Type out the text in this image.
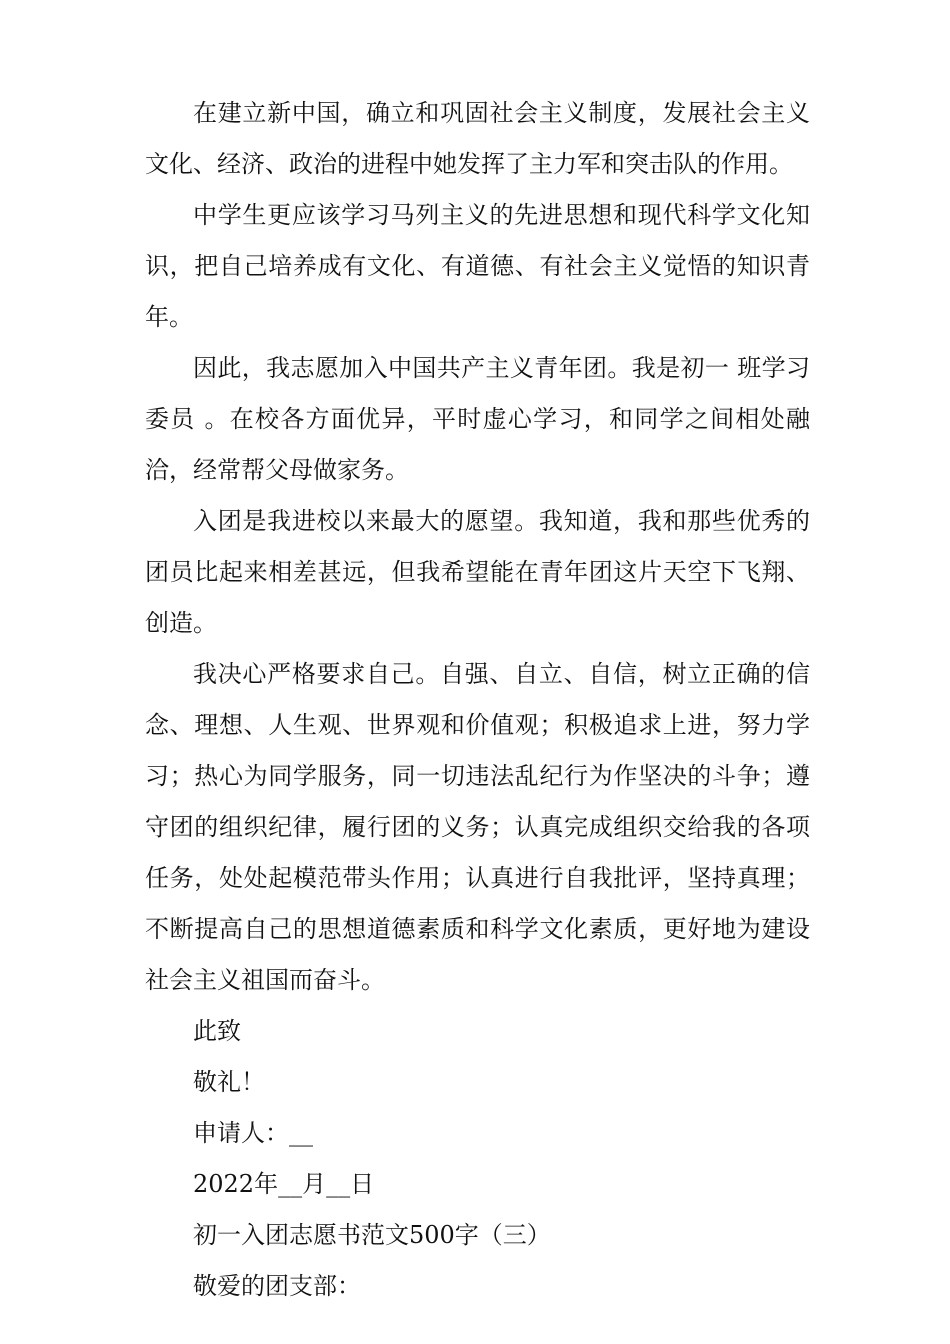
在建立新中国，确立和巩固社会主义制度，发展社会主义文化、经济、政治的进程中她发挥了主力军和突击队的作用。

中学生更应该学习马列主义的先进思想和现代科学文化知识，把自己培养成有文化、有道德、有社会主义觉悟的知识青年。

因此，我志愿加入中国共产主义青年团。我是初一 班学习委员 。在校各方面优异，平时虚心学习，和同学之间相处融洽，经常帮父母做家务。

入团是我进校以来最大的愿望。我知道，我和那些优秀的团员比起来相差甚远，但我希望能在青年团这片天空下飞翔、创造。

我决心严格要求自己。自强、自立、自信，树立正确的信念、理想、人生观、世界观和价值观；积极追求上进，努力学习；热心为同学服务，同一切违法乱纪行为作坚决的斗争；遵守团的组织纪律，履行团的义务；认真完成组织交给我的各项任务，处处起模范带头作用；认真进行自我批评，坚持真理；不断提高自己的思想道德素质和科学文化素质，更好地为建设社会主义祖国而奋斗。

此致

敬礼！

申请人：__

2022年__月__日

初一入团志愿书范文500字（三）

敬爱的团支部：
